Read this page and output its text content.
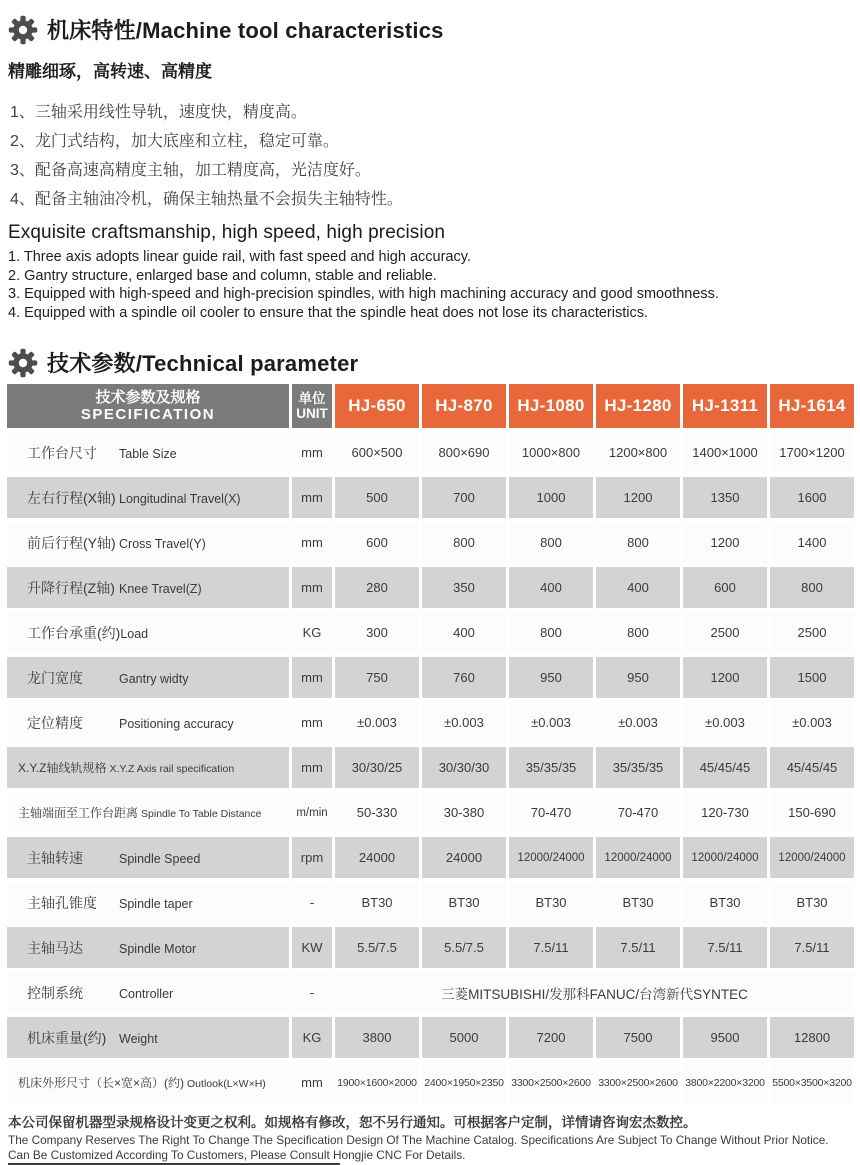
机床特性/Machine tool characteristics
精雕细琢，高转速、高精度
1、三轴采用线性导轨，速度快，精度高。
2、龙门式结构，加大底座和立柱，稳定可靠。
3、配备高速高精度主轴，加工精度高，光洁度好。
4、配备主轴油冷机，确保主轴热量不会损失主轴特性。
Exquisite craftsmanship, high speed, high precision
1. Three axis adopts linear guide rail, with fast speed and high accuracy.
2. Gantry structure, enlarged base and column, stable and reliable.
3. Equipped with high-speed and high-precision spindles, with high machining accuracy and good smoothness.
4. Equipped with a spindle oil cooler to ensure that the spindle heat does not lose its characteristics.
技术参数/Technical parameter
技术参数及规格
SPECIFICATION	单位
UNIT	HJ-650	HJ-870	HJ-1080	HJ-1280	HJ-1311	HJ-1614
工作台尺寸 Table Size	mm	600×500	800×690	1000×800	1200×800	1400×1000	1700×1200
左右行程(X轴) Longitudinal Travel(X)	mm	500	700	1000	1200	1350	1600
前后行程(Y轴) Cross Travel(Y)	mm	600	800	800	800	1200	1400
升降行程(Z轴) Knee Travel(Z)	mm	280	350	400	400	600	800
工作台承重(约)Load	KG	300	400	800	800	2500	2500
龙门宽度 Gantry widty	mm	750	760	950	950	1200	1500
定位精度 Positioning accuracy	mm	±0.003	±0.003	±0.003	±0.003	±0.003	±0.003
X.Y.Z轴线轨规格 X.Y.Z Axis rail specification	mm	30/30/25	30/30/30	35/35/35	35/35/35	45/45/45	45/45/45
主轴端面至工作台距离 Spindle To Table Distance	m/min	50-330	30-380	70-470	70-470	120-730	150-690
主轴转速 Spindle Speed	rpm	24000	24000	12000/24000	12000/24000	12000/24000	12000/24000
主轴孔锥度 Spindle taper	-	BT30	BT30	BT30	BT30	BT30	BT30
主轴马达 Spindle Motor	KW	5.5/7.5	5.5/7.5	7.5/11	7.5/11	7.5/11	7.5/11
控制系统 Controller	-	三菱MITSUBISHI/发那科FANUC/台湾新代SYNTEC					
机床重量(约) Weight	KG	3800	5000	7200	7500	9500	12800
机床外形尺寸（长×宽×高）(约) Outlook(L×W×H)	mm	1900×1600×2000	2400×1950×2350	3300×2500×2600	3300×2500×2600	3800×2200×3200	5500×3500×3200

本公司保留机器型录规格设计变更之权利。如规格有修改，恕不另行通知。可根据客户定制，详情请咨询宏杰数控。

The Company Reserves The Right To Change The Specification Design Of The Machine Catalog. Specifications Are Subject To Change Without Prior Notice. Can Be Customized According To Customers, Please Consult Hongjie CNC For Details.
